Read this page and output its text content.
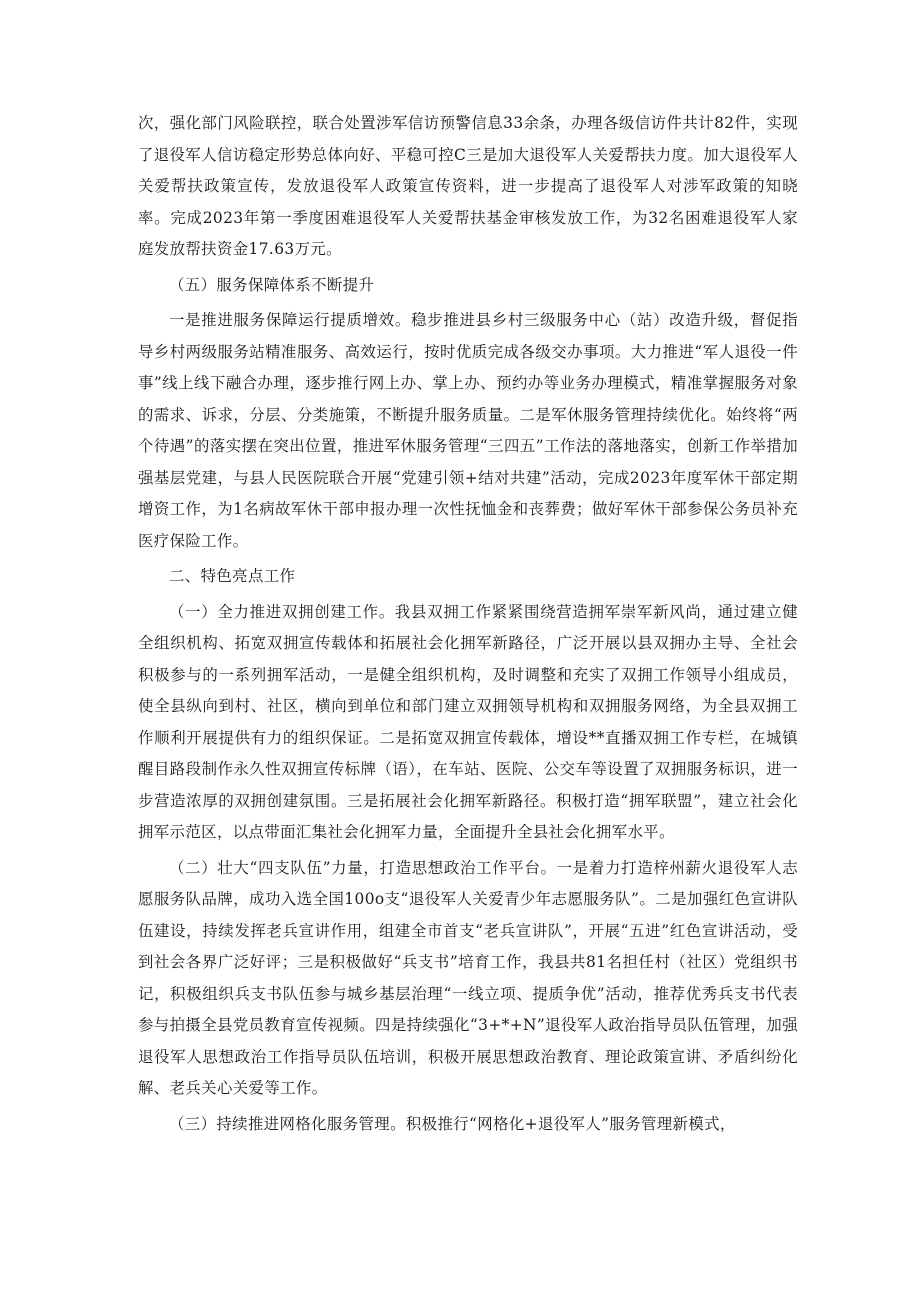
次，强化部门风险联控，联合处置涉军信访预警信息33余条，办理各级信访件共计82件，实现了退役军人信访稳定形势总体向好、平稳可控C三是加大退役军人关爱帮扶力度。加大退役军人关爱帮扶政策宣传，发放退役军人政策宣传资料，进一步提高了退役军人对涉军政策的知晓率。完成2023年第一季度困难退役军人关爱帮扶基金审核发放工作，为32名困难退役军人家庭发放帮扶资金17.63万元。

（五）服务保障体系不断提升

一是推进服务保障运行提质增效。稳步推进县乡村三级服务中心（站）改造升级，督促指导乡村两级服务站精准服务、高效运行，按时优质完成各级交办事项。大力推进“军人退役一件事”线上线下融合办理，逐步推行网上办、掌上办、预约办等业务办理模式，精准掌握服务对象的需求、诉求，分层、分类施策，不断提升服务质量。二是军休服务管理持续优化。始终将“两个待遇”的落实摆在突出位置，推进军休服务管理“三四五”工作法的落地落实，创新工作举措加强基层党建，与县人民医院联合开展“党建引领+结对共建”活动，完成2023年度军休干部定期增资工作，为1名病故军休干部申报办理一次性抚恤金和丧葬费；做好军休干部参保公务员补充医疗保险工作。

二、特色亮点工作

（一）全力推进双拥创建工作。我县双拥工作紧紧围绕营造拥军崇军新风尚，通过建立健全组织机构、拓宽双拥宣传载体和拓展社会化拥军新路径，广泛开展以县双拥办主导、全社会积极参与的一系列拥军活动，一是健全组织机构，及时调整和充实了双拥工作领导小组成员，使全县纵向到村、社区，横向到单位和部门建立双拥领导机构和双拥服务网络，为全县双拥工作顺利开展提供有力的组织保证。二是拓宽双拥宣传载体，增设**直播双拥工作专栏，在城镇醒目路段制作永久性双拥宣传标牌（语），在车站、医院、公交车等设置了双拥服务标识，进一步营造浓厚的双拥创建氛围。三是拓展社会化拥军新路径。积极打造“拥军联盟”，建立社会化拥军示范区，以点带面汇集社会化拥军力量，全面提升全县社会化拥军水平。

（二）壮大“四支队伍”力量，打造思想政治工作平台。一是着力打造梓州薪火退役军人志愿服务队品牌，成功入选全国100o支“退役军人关爱青少年志愿服务队”。二是加强红色宣讲队伍建设，持续发挥老兵宣讲作用，组建全市首支“老兵宣讲队”，开展“五进”红色宣讲活动，受到社会各界广泛好评；三是积极做好“兵支书”培育工作，我县共81名担任村（社区）党组织书记，积极组织兵支书队伍参与城乡基层治理“一线立项、提质争优”活动，推荐优秀兵支书代表参与拍摄全县党员教育宣传视频。四是持续强化“3+*+N”退役军人政治指导员队伍管理，加强退役军人思想政治工作指导员队伍培训，积极开展思想政治教育、理论政策宣讲、矛盾纠纷化解、老兵关心关爱等工作。

（三）持续推进网格化服务管理。积极推行“网格化+退役军人”服务管理新模式，
